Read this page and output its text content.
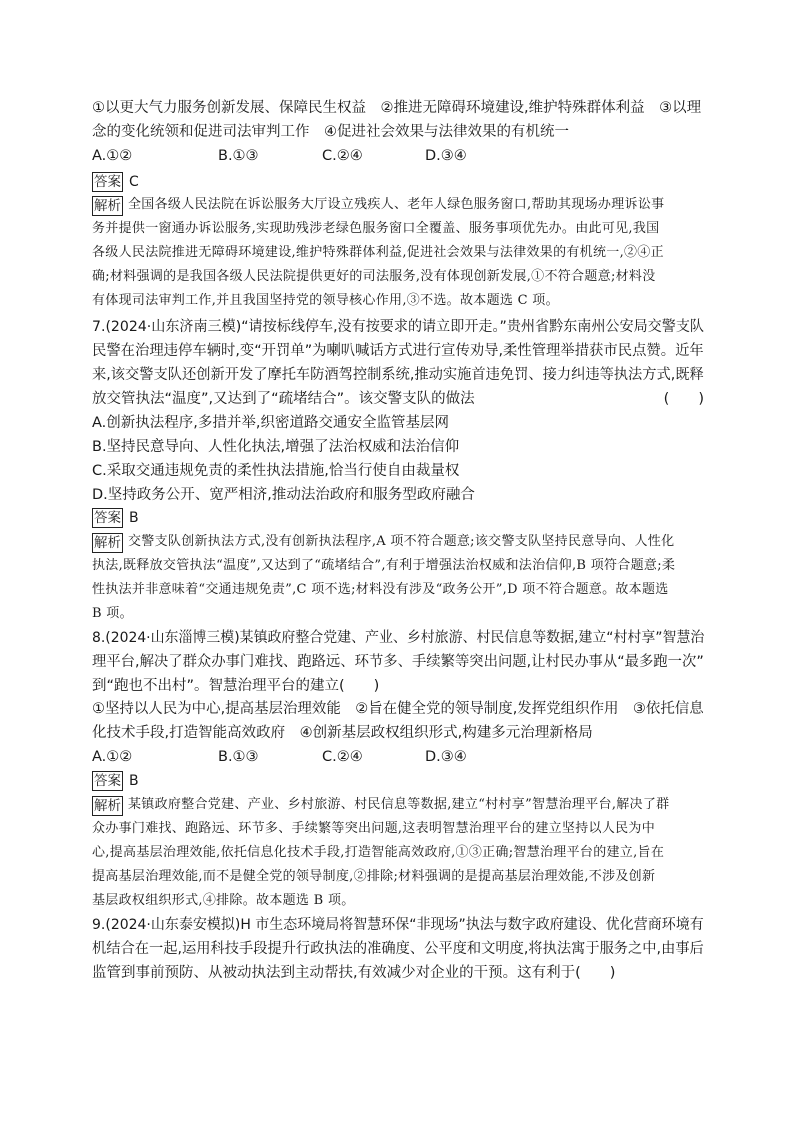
①以更大气力服务创新发展、保障民生权益　②推进无障碍环境建设,维护特殊群体利益　③以理
念的变化统领和促进司法审判工作　④促进社会效果与法律效果的有机统一
A.①②	B.①③	C.②④	D.③④
答案 C
解析 全国各级人民法院在诉讼服务大厅设立残疾人、老年人绿色服务窗口,帮助其现场办理诉讼事
务并提供一窗通办诉讼服务,实现助残涉老绿色服务窗口全覆盖、服务事项优先办。由此可见,我国
各级人民法院推进无障碍环境建设,维护特殊群体利益,促进社会效果与法律效果的有机统一,②④正
确;材料强调的是我国各级人民法院提供更好的司法服务,没有体现创新发展,①不符合题意;材料没
有体现司法审判工作,并且我国坚持党的领导核心作用,③不选。故本题选 C 项。
7.(2024·山东济南三模)“请按标线停车,没有按要求的请立即开走。”贵州省黔东南州公安局交警支队
民警在治理违停车辆时,变“开罚单”为喇叭喊话方式进行宣传劝导,柔性管理举措获市民点赞。近年
来,该交警支队还创新开发了摩托车防酒驾控制系统,推动实施首违免罚、接力纠违等执法方式,既释
放交管执法“温度”,又达到了“疏堵结合”。该交警支队的做法	(　　)
A.创新执法程序,多措并举,织密道路交通安全监管基层网
B.坚持民意导向、人性化执法,增强了法治权威和法治信仰
C.采取交通违规免责的柔性执法措施,恰当行使自由裁量权
D.坚持政务公开、宽严相济,推动法治政府和服务型政府融合
答案 B
解析 交警支队创新执法方式,没有创新执法程序,A 项不符合题意;该交警支队坚持民意导向、人性化
执法,既释放交管执法“温度”,又达到了“疏堵结合”,有利于增强法治权威和法治信仰,B 项符合题意;柔
性执法并非意味着“交通违规免责”,C 项不选;材料没有涉及“政务公开”,D 项不符合题意。故本题选
B 项。
8.(2024·山东淄博三模)某镇政府整合党建、产业、乡村旅游、村民信息等数据,建立“村村享”智慧治
理平台,解决了群众办事门难找、跑路远、环节多、手续繁等突出问题,让村民办事从“最多跑一次”
到“跑也不出村”。智慧治理平台的建立(　　)
①坚持以人民为中心,提高基层治理效能　②旨在健全党的领导制度,发挥党组织作用　③依托信息
化技术手段,打造智能高效政府　④创新基层政权组织形式,构建多元治理新格局
A.①②	B.①③	C.②④	D.③④
答案 B
解析 某镇政府整合党建、产业、乡村旅游、村民信息等数据,建立“村村享”智慧治理平台,解决了群
众办事门难找、跑路远、环节多、手续繁等突出问题,这表明智慧治理平台的建立坚持以人民为中
心,提高基层治理效能,依托信息化技术手段,打造智能高效政府,①③正确;智慧治理平台的建立,旨在
提高基层治理效能,而不是健全党的领导制度,②排除;材料强调的是提高基层治理效能,不涉及创新
基层政权组织形式,④排除。故本题选 B 项。
9.(2024·山东泰安模拟)H 市生态环境局将智慧环保“非现场”执法与数字政府建设、优化营商环境有
机结合在一起,运用科技手段提升行政执法的准确度、公平度和文明度,将执法寓于服务之中,由事后
监管到事前预防、从被动执法到主动帮扶,有效减少对企业的干预。这有利于(　　)
